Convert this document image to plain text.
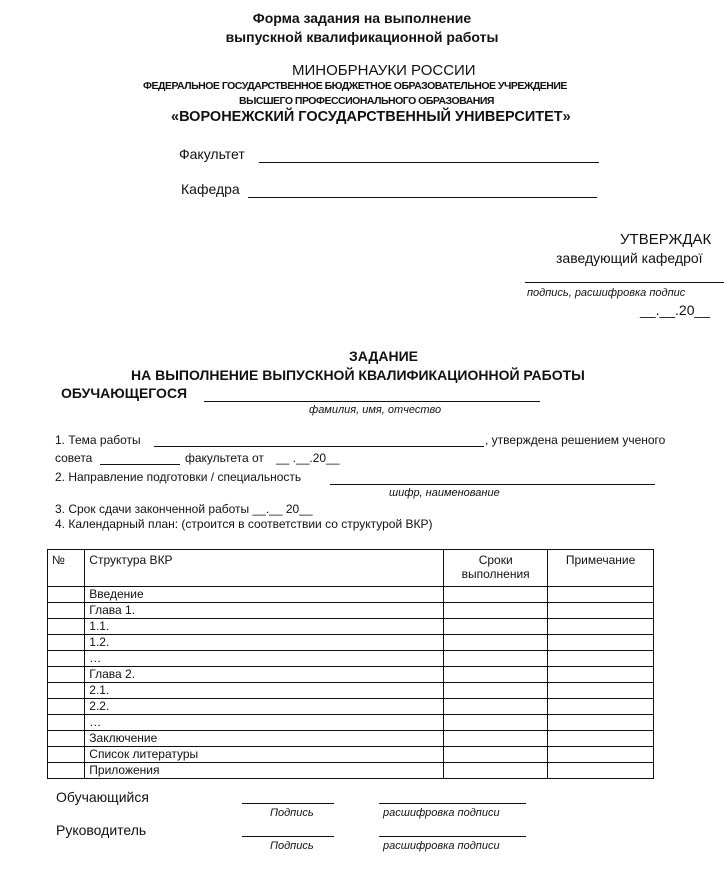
Форма задания на выполнение
выпускной квалификационной работы
МИНОБРНАУКИ РОССИИ
ФЕДЕРАЛЬНОЕ ГОСУДАРСТВЕННОЕ БЮДЖЕТНОЕ ОБРАЗОВАТЕЛЬНОЕ УЧРЕЖДЕНИЕ
ВЫСШЕГО ПРОФЕССИОНАЛЬНОГО ОБРАЗОВАНИЯ
«ВОРОНЕЖСКИЙ ГОСУДАРСТВЕННЫЙ УНИВЕРСИТЕТ»
Факультет
Кафедра
УТВЕРЖДАК
заведующий кафедрої
подпись, расшифровка подпис
__.__.20__
ЗАДАНИЕ
НА ВЫПОЛНЕНИЕ ВЫПУСКНОЙ КВАЛИФИКАЦИОННОЙ РАБОТЫ
ОБУЧАЮЩЕГОСЯ
фамилия, имя, отчество
1. Тема работы	, утверждена решением ученого
совета	факультета от __ .__.20__
2. Направление подготовки / специальность
шифр, наименование
3. Срок сдачи законченной работы __.__ 20__
4. Календарный план: (строится в соответствии со структурой ВКР)
№	Структура ВКР	Сроки выполнения	Примечание
	Введение		
	Глава 1.		
	1.1.		
	1.2.		
	…		
	Глава 2.		
	2.1.		
	2.2.		
	…		
	Заключение		
	Список литературы		
	Приложения		
Обучающийся
Подпись	расшифровка подписи
Руководитель
Подпись	расшифровка подписи
